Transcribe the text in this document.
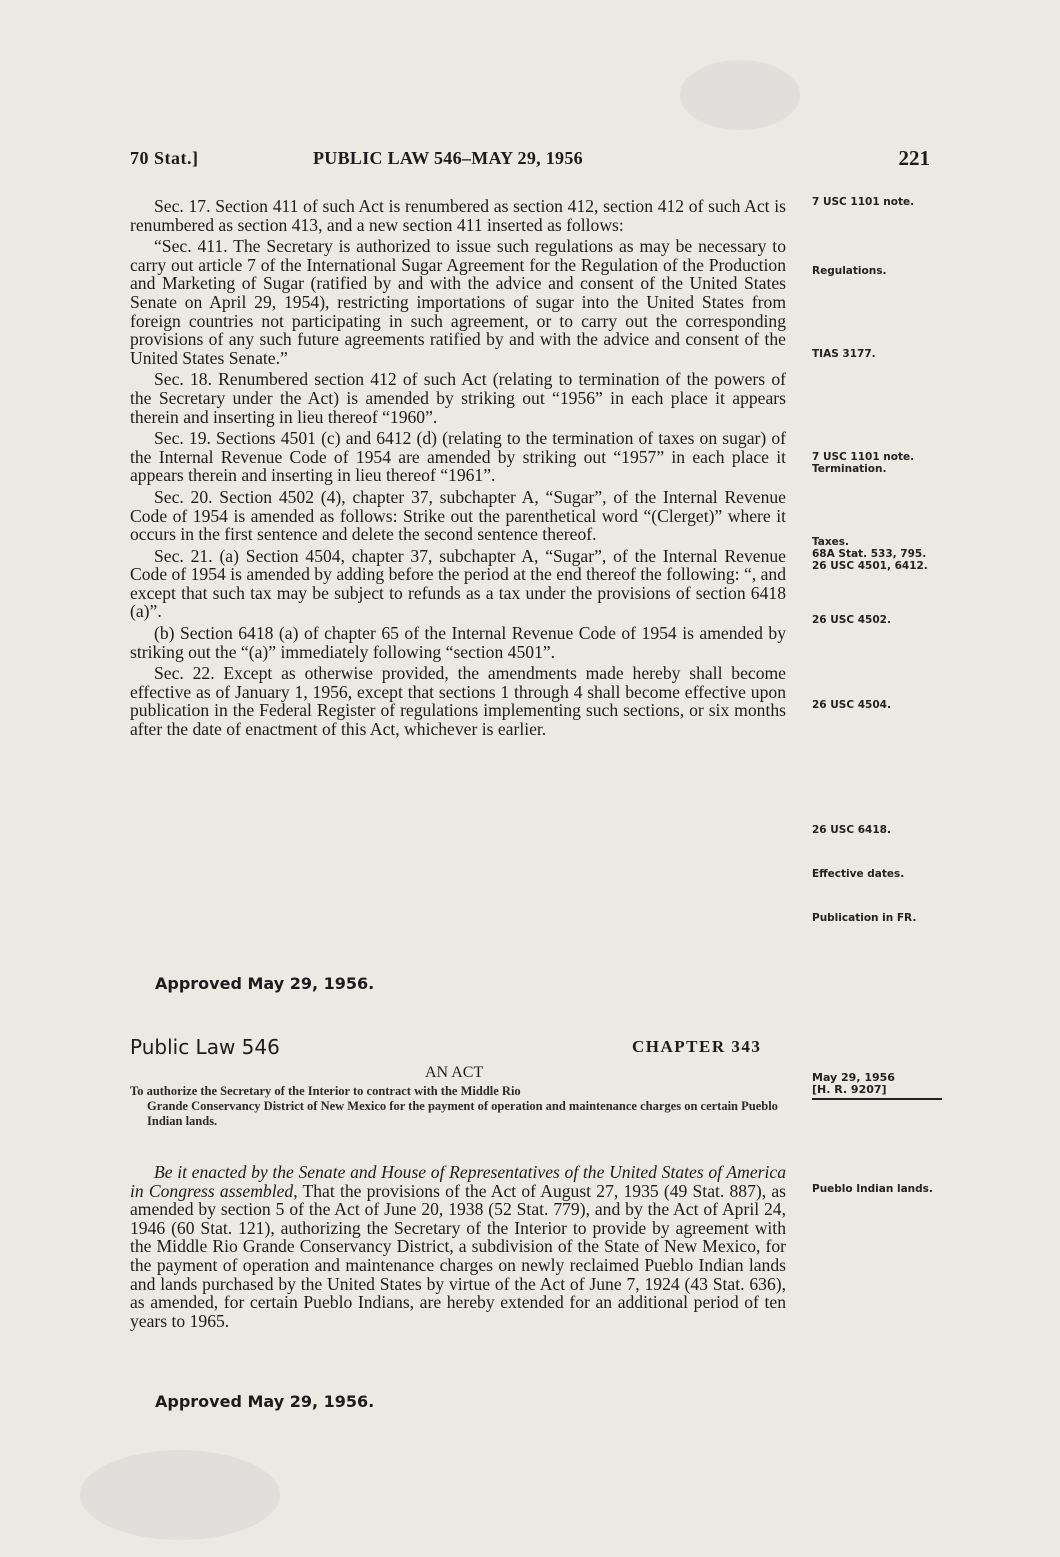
70 Stat.]	PUBLIC LAW 546–MAY 29, 1956	221

Sec. 17. Section 411 of such Act is renumbered as section 412, section 412 of such Act is renumbered as section 413, and a new section 411 inserted as follows:

“Sec. 411. The Secretary is authorized to issue such regulations as may be necessary to carry out article 7 of the International Sugar Agreement for the Regulation of the Production and Marketing of Sugar (ratified by and with the advice and consent of the United States Senate on April 29, 1954), restricting importations of sugar into the United States from foreign countries not participating in such agreement, or to carry out the corresponding provisions of any such future agreements ratified by and with the advice and consent of the United States Senate.”

Sec. 18. Renumbered section 412 of such Act (relating to termination of the powers of the Secretary under the Act) is amended by striking out “1956” in each place it appears therein and inserting in lieu thereof “1960”.

Sec. 19. Sections 4501 (c) and 6412 (d) (relating to the termination of taxes on sugar) of the Internal Revenue Code of 1954 are amended by striking out “1957” in each place it appears therein and inserting in lieu thereof “1961”.

Sec. 20. Section 4502 (4), chapter 37, subchapter A, “Sugar”, of the Internal Revenue Code of 1954 is amended as follows: Strike out the parenthetical word “(Clerget)” where it occurs in the first sentence and delete the second sentence thereof.

Sec. 21. (a) Section 4504, chapter 37, subchapter A, “Sugar”, of the Internal Revenue Code of 1954 is amended by adding before the period at the end thereof the following: “, and except that such tax may be subject to refunds as a tax under the provisions of section 6418 (a)”.

(b) Section 6418 (a) of chapter 65 of the Internal Revenue Code of 1954 is amended by striking out the “(a)” immediately following “section 4501”.

Sec. 22. Except as otherwise provided, the amendments made hereby shall become effective as of January 1, 1956, except that sections 1 through 4 shall become effective upon publication in the Federal Register of regulations implementing such sections, or six months after the date of enactment of this Act, whichever is earlier.

Approved May 29, 1956.
7 USC 1101 note.
Regulations.
TIAS 3177.
7 USC 1101 note.
Termination.
Taxes.
68A Stat. 533, 795.
26 USC 4501, 6412.
26 USC 4502.
26 USC 4504.
26 USC 6418.
Effective dates.
Publication in FR.
Public Law 546	CHAPTER 343
AN ACT
To authorize the Secretary of the Interior to contract with the Middle Rio
Grande Conservancy District of New Mexico for the payment of operation and maintenance charges on certain Pueblo Indian lands.
May 29, 1956
[H. R. 9207]

Be it enacted by the Senate and House of Representatives of the United States of America in Congress assembled, That the provisions of the Act of August 27, 1935 (49 Stat. 887), as amended by section 5 of the Act of June 20, 1938 (52 Stat. 779), and by the Act of April 24, 1946 (60 Stat. 121), authorizing the Secretary of the Interior to provide by agreement with the Middle Rio Grande Conservancy District, a subdivision of the State of New Mexico, for the payment of operation and maintenance charges on newly reclaimed Pueblo Indian lands and lands purchased by the United States by virtue of the Act of June 7, 1924 (43 Stat. 636), as amended, for certain Pueblo Indians, are hereby extended for an additional period of ten years to 1965.

Pueblo Indian lands.
Approved May 29, 1956.
